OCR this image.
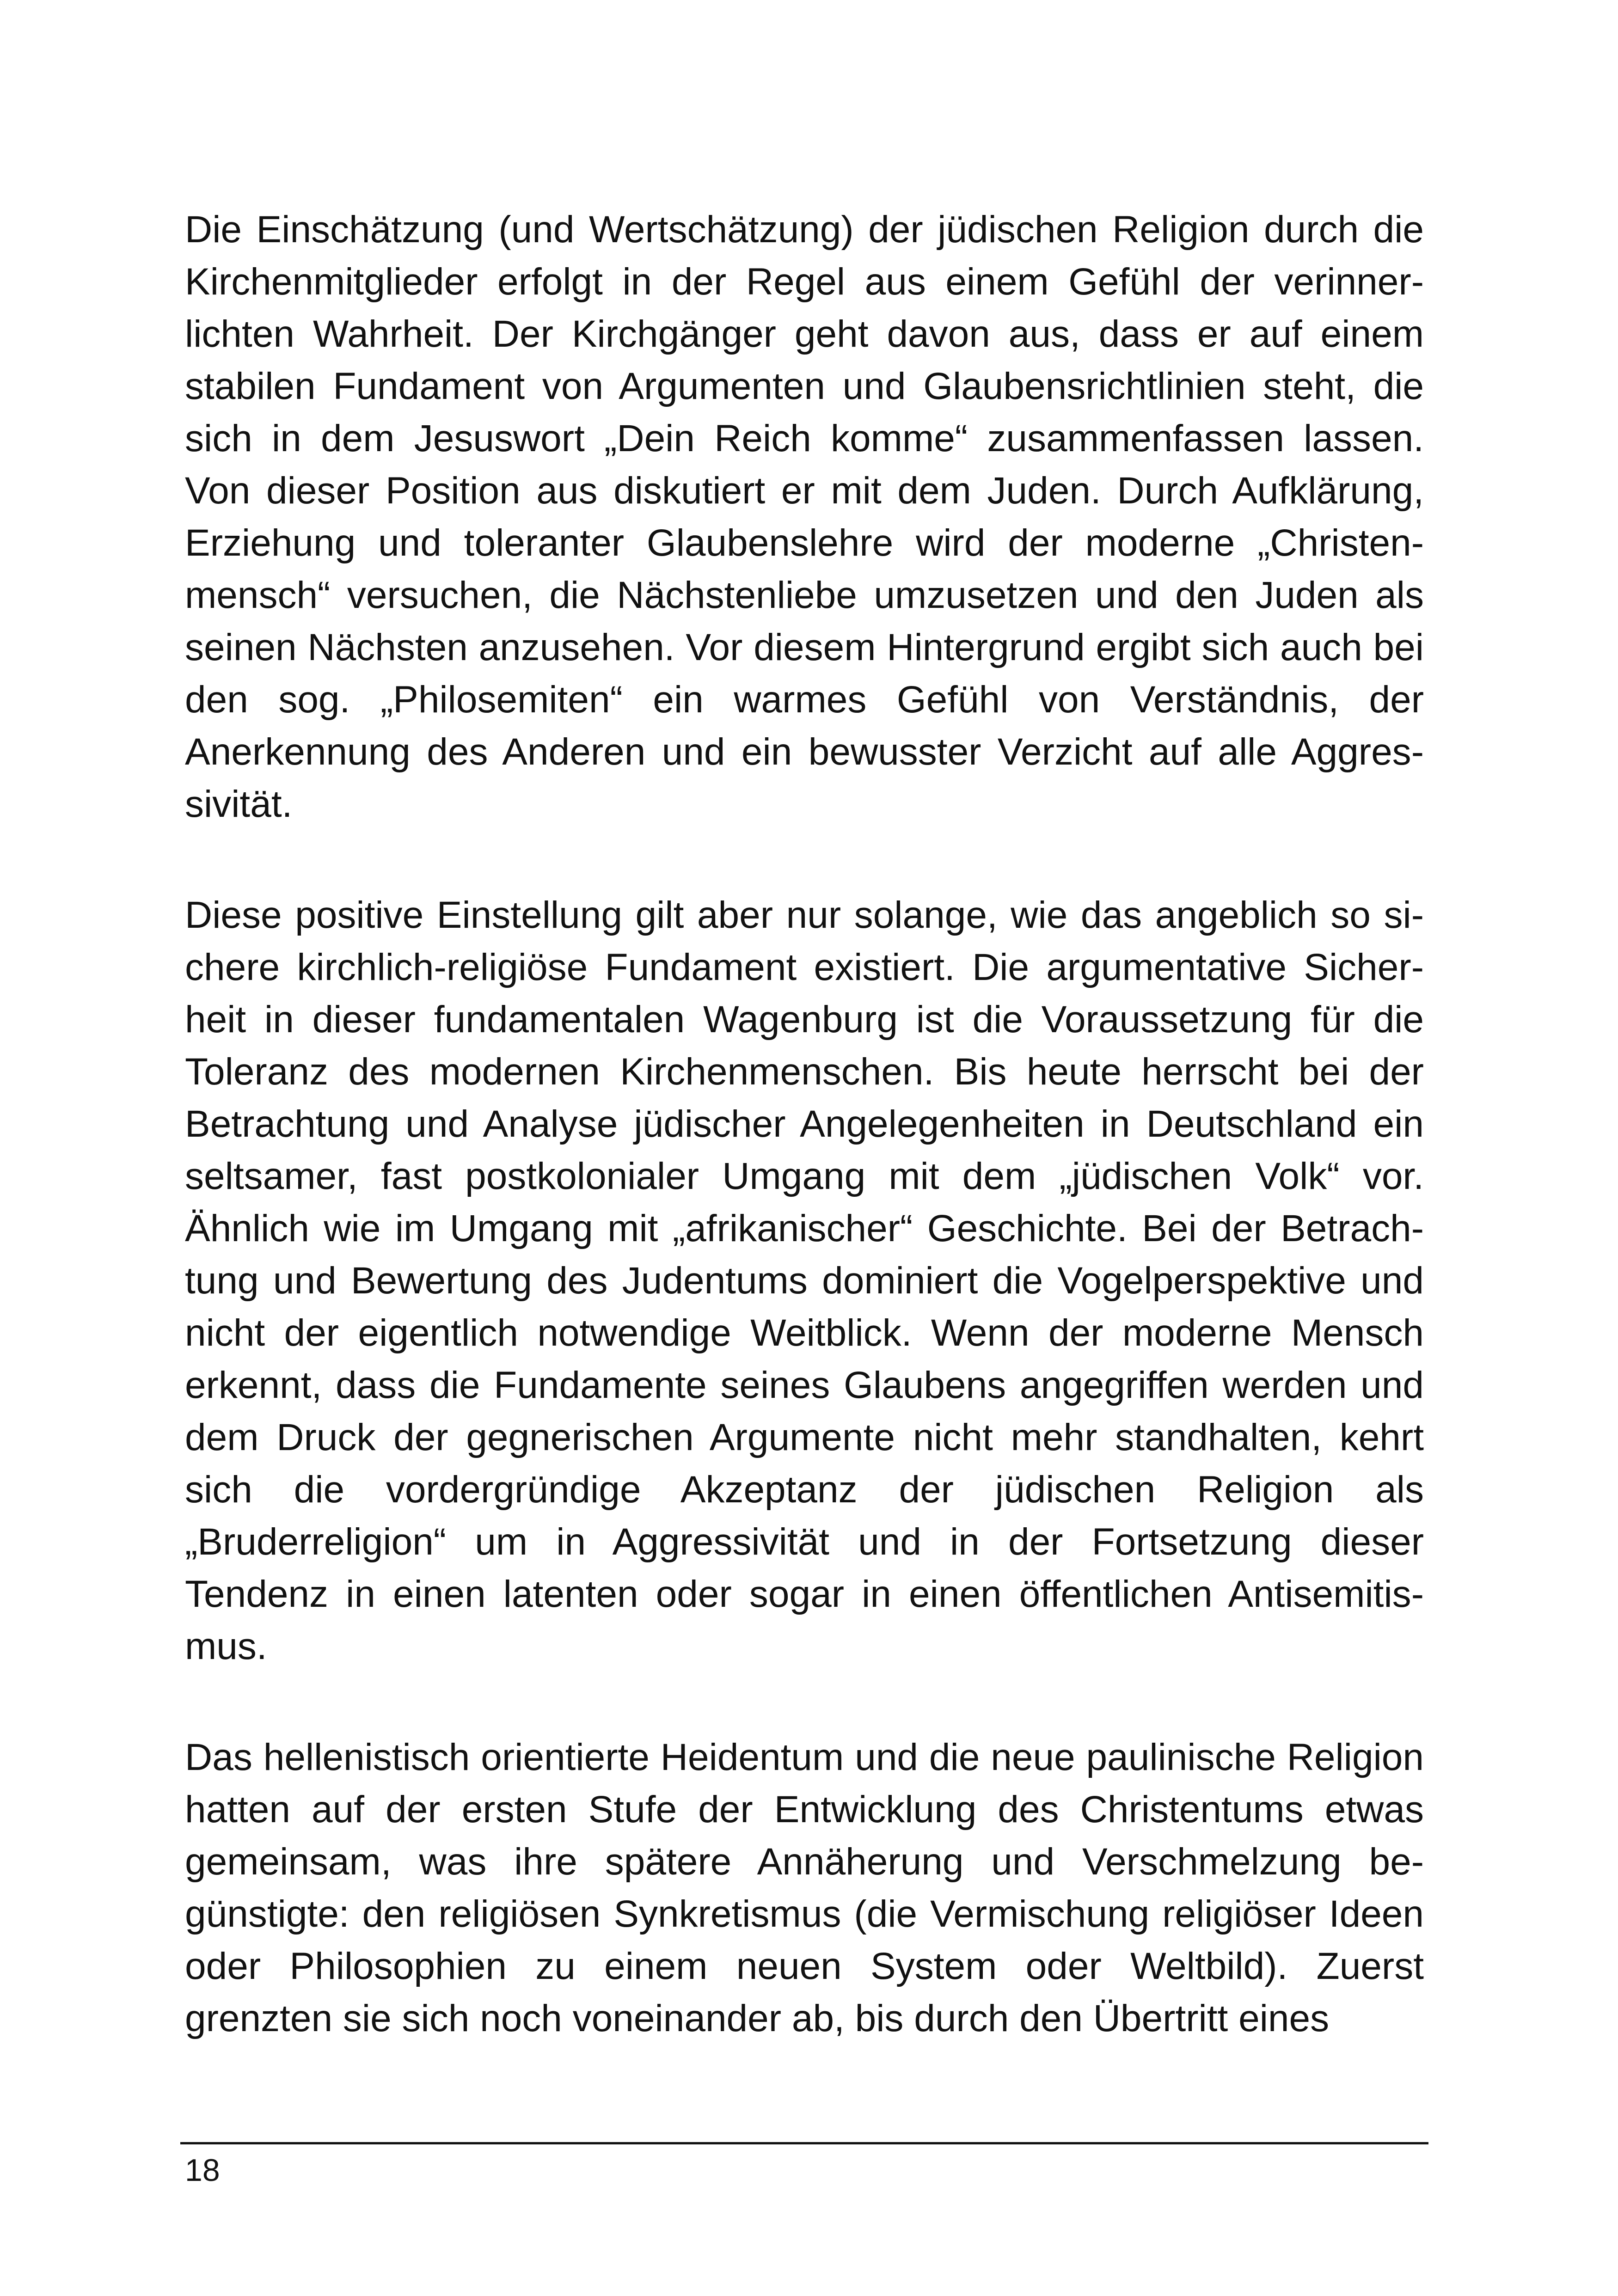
Die Einschätzung (und Wertschätzung) der jüdischen Religion durch die Kirchenmitglieder erfolgt in der Regel aus einem Gefühl der verinnerlichten Wahrheit. Der Kirchgänger geht davon aus, dass er auf einem stabilen Fundament von Argumenten und Glaubensrichtlinien steht, die sich in dem Jesuswort „Dein Reich komme“ zusammenfassen lassen. Von dieser Position aus diskutiert er mit dem Juden. Durch Aufklärung, Erziehung und toleranter Glaubenslehre wird der moderne „Christenmensch“ versuchen, die Nächstenliebe umzusetzen und den Juden als seinen Nächsten anzusehen. Vor diesem Hintergrund ergibt sich auch bei den sog. „Philosemiten“ ein warmes Gefühl von Verständnis, der Anerkennung des Anderen und ein bewusster Verzicht auf alle Aggressivität.

Diese positive Einstellung gilt aber nur solange, wie das angeblich so sichere kirchlich-religiöse Fundament existiert. Die argumentative Sicherheit in dieser fundamentalen Wagenburg ist die Voraussetzung für die Toleranz des modernen Kirchenmenschen. Bis heute herrscht bei der Betrachtung und Analyse jüdischer Angelegenheiten in Deutschland ein seltsamer, fast postkolonialer Umgang mit dem „jüdischen Volk“ vor. Ähnlich wie im Umgang mit „afrikanischer“ Geschichte. Bei der Betrachtung und Bewertung des Judentums dominiert die Vogelperspektive und nicht der eigentlich notwendige Weitblick. Wenn der moderne Mensch erkennt, dass die Fundamente seines Glaubens angegriffen werden und dem Druck der gegnerischen Argumente nicht mehr standhalten, kehrt sich die vordergründige Akzeptanz der jüdischen Religion als „Bruderreligion“ um in Aggressivität und in der Fortsetzung dieser Tendenz in einen latenten oder sogar in einen öffentlichen Antisemitismus.

Das hellenistisch orientierte Heidentum und die neue paulinische Religion hatten auf der ersten Stufe der Entwicklung des Christentums etwas gemeinsam, was ihre spätere Annäherung und Verschmelzung begünstigte: den religiösen Synkretismus (die Vermischung religiöser Ideen oder Philosophien zu einem neuen System oder Weltbild). Zuerst grenzten sie sich noch voneinander ab, bis durch den Übertritt eines

18
